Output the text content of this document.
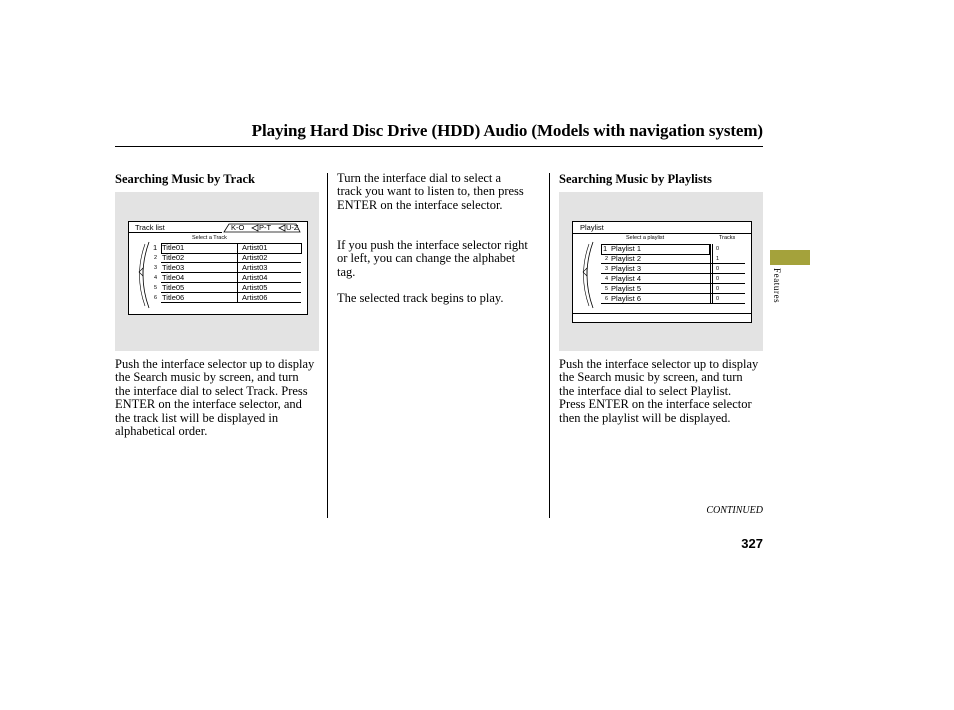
Playing Hard Disc Drive (HDD) Audio (Models with navigation system)
Searching Music by Track
Track list	K-O P-T U-Z
Select a Track
1 Title01	Artist01
2 Title02	Artist02
3 Title03	Artist03
4 Title04	Artist04
5 Title05	Artist05
6 Title06	Artist06
Push the interface selector up to display the Search music by screen, and turn the interface dial to select Track. Press ENTER on the interface selector, and the track list will be displayed in alphabetical order.
Turn the interface dial to select a track you want to listen to, then press ENTER on the interface selector.
If you push the interface selector right or left, you can change the alphabet tag.
The selected track begins to play.
Searching Music by Playlists
Playlist
Select a playlist	Tracks
1 Playlist 1	0
2 Playlist 2	1
3 Playlist 3	0
4 Playlist 4	0
5 Playlist 5	0
6 Playlist 6	0
Push the interface selector up to display the Search music by screen, and turn the interface dial to select Playlist. Press ENTER on the interface selector then the playlist will be displayed.
Features
CONTINUED
327
